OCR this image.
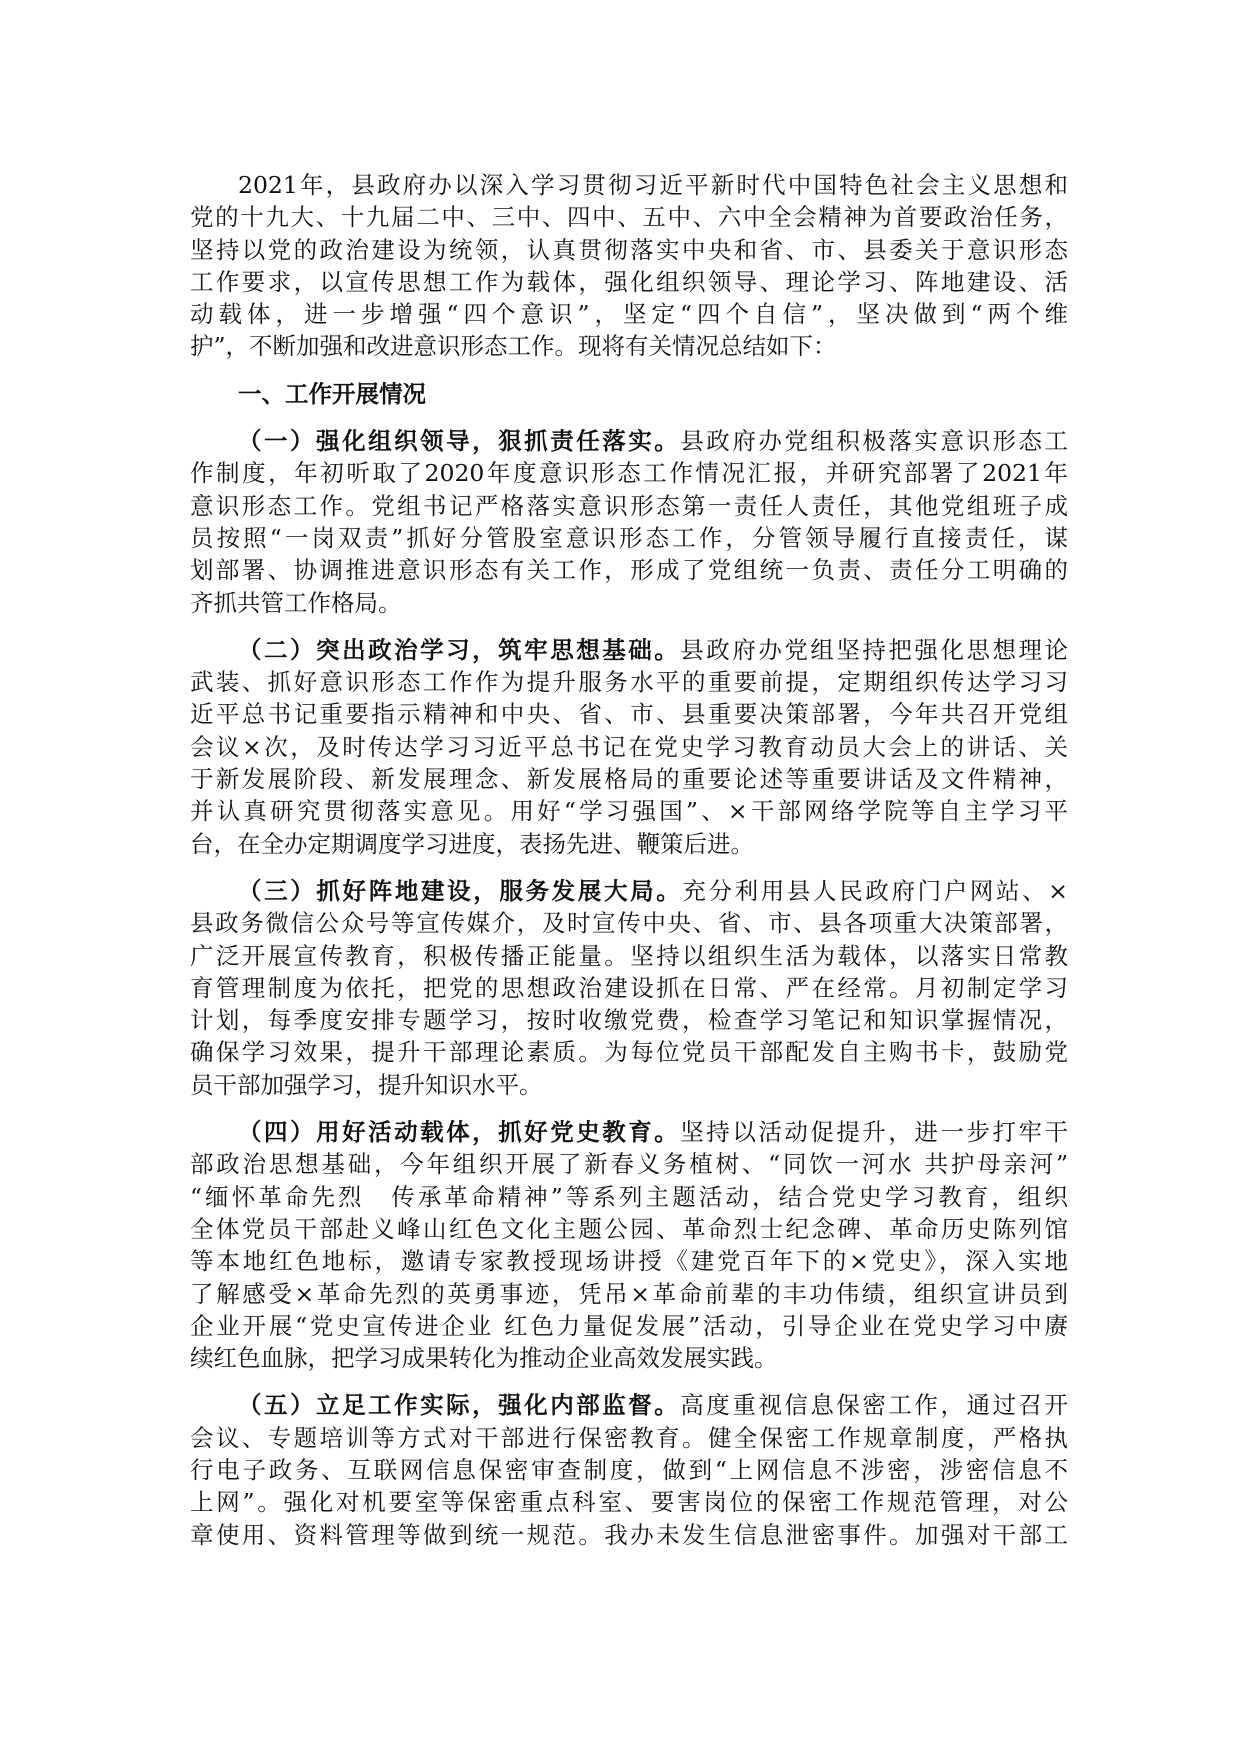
2021年，县政府办以深入学习贯彻习近平新时代中国特色社会主义思想和
党的十九大、十九届二中、三中、四中、五中、六中全会精神为首要政治任务，
坚持以党的政治建设为统领，认真贯彻落实中央和省、市、县委关于意识形态
工作要求，以宣传思想工作为载体，强化组织领导、理论学习、阵地建设、活
动载体，进一步增强“四个意识”，坚定“四个自信”，坚决做到“两个维
护”，不断加强和改进意识形态工作。现将有关情况总结如下：
一、工作开展情况
（一）强化组织领导，狠抓责任落实。县政府办党组积极落实意识形态工
作制度，年初听取了2020年度意识形态工作情况汇报，并研究部署了2021年
意识形态工作。党组书记严格落实意识形态第一责任人责任，其他党组班子成
员按照“一岗双责”抓好分管股室意识形态工作，分管领导履行直接责任，谋
划部署、协调推进意识形态有关工作，形成了党组统一负责、责任分工明确的
齐抓共管工作格局。
（二）突出政治学习，筑牢思想基础。县政府办党组坚持把强化思想理论
武装、抓好意识形态工作作为提升服务水平的重要前提，定期组织传达学习习
近平总书记重要指示精神和中央、省、市、县重要决策部署，今年共召开党组
会议×次，及时传达学习习近平总书记在党史学习教育动员大会上的讲话、关
于新发展阶段、新发展理念、新发展格局的重要论述等重要讲话及文件精神，
并认真研究贯彻落实意见。用好“学习强国”、×干部网络学院等自主学习平
台，在全办定期调度学习进度，表扬先进、鞭策后进。
（三）抓好阵地建设，服务发展大局。充分利用县人民政府门户网站、×
县政务微信公众号等宣传媒介，及时宣传中央、省、市、县各项重大决策部署，
广泛开展宣传教育，积极传播正能量。坚持以组织生活为载体，以落实日常教
育管理制度为依托，把党的思想政治建设抓在日常、严在经常。月初制定学习
计划，每季度安排专题学习，按时收缴党费，检查学习笔记和知识掌握情况，
确保学习效果，提升干部理论素质。为每位党员干部配发自主购书卡，鼓励党
员干部加强学习，提升知识水平。
（四）用好活动载体，抓好党史教育。坚持以活动促提升，进一步打牢干
部政治思想基础，今年组织开展了新春义务植树、“同饮一河水 共护母亲河”
“缅怀革命先烈　传承革命精神”等系列主题活动，结合党史学习教育，组织
全体党员干部赴义峰山红色文化主题公园、革命烈士纪念碑、革命历史陈列馆
等本地红色地标，邀请专家教授现场讲授《建党百年下的×党史》，深入实地
了解感受×革命先烈的英勇事迹，凭吊×革命前辈的丰功伟绩，组织宣讲员到
企业开展“党史宣传进企业 红色力量促发展”活动，引导企业在党史学习中赓
续红色血脉，把学习成果转化为推动企业高效发展实践。
（五）立足工作实际，强化内部监督。高度重视信息保密工作，通过召开
会议、专题培训等方式对干部进行保密教育。健全保密工作规章制度，严格执
行电子政务、互联网信息保密审查制度，做到“上网信息不涉密，涉密信息不
上网”。强化对机要室等保密重点科室、要害岗位的保密工作规范管理，对公
章使用、资料管理等做到统一规范。我办未发生信息泄密事件。加强对干部工
